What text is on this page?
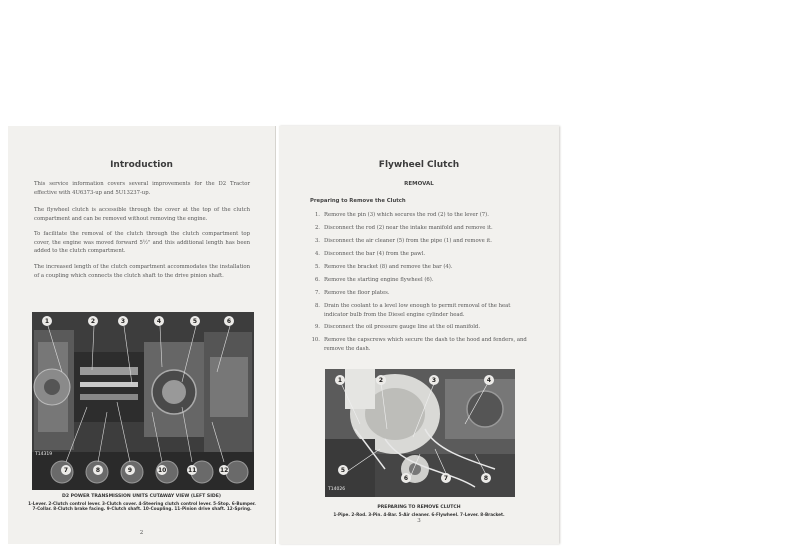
Introduction

This service information covers several improvements for the D2 Tractor effective with 4U6373-up and 5U13237-up.

The flywheel clutch is accessible through the cover at the top of the clutch compartment and can be removed without removing the engine.

To facilitate the removal of the clutch through the clutch compartment top cover, the engine was moved forward 5½" and this additional length has been added to the clutch compartment.

The increased length of the clutch compartment accommodates the installation of a coupling which connects the clutch shaft to the drive pinion shaft.

1	2	3	4	5	6
7	8	9	10	11	12
T14319
D2 POWER TRANSMISSION UNITS CUTAWAY VIEW (LEFT SIDE)
1-Lever. 2-Clutch control lever. 3-Clutch cover. 4-Steering clutch control lever. 5-Stop. 6-Bumper. 7-Collar. 8-Clutch brake facing. 9-Clutch shaft. 10-Coupling. 11-Pinion drive shaft. 12-Spring.
2
Flywheel Clutch
REMOVAL
Preparing to Remove the Clutch
1. Remove the pin (3) which secures the rod (2) to the lever (7).
2. Disconnect the rod (2) near the intake manifold and remove it.
3. Disconnect the air cleaner (5) from the pipe (1) and remove it.
4. Disconnect the bar (4) from the pawl.
5. Remove the bracket (8) and remove the bar (4).
6. Remove the starting engine flywheel (6).
7. Remove the floor plates.
8. Drain the coolant to a level low enough to permit removal of the heat indicator bulb from the Diesel engine cylinder head.
9. Disconnect the oil pressure gauge line at the oil manifold.
10. Remove the capscrews which secure the dash to the hood and fenders, and remove the dash.
1	2	3	4
5
6	7	8
T14026
PREPARING TO REMOVE CLUTCH
1-Pipe. 2-Rod. 3-Pin. 4-Bar. 5-Air cleaner. 6-Flywheel. 7-Lever. 8-Bracket.
3
